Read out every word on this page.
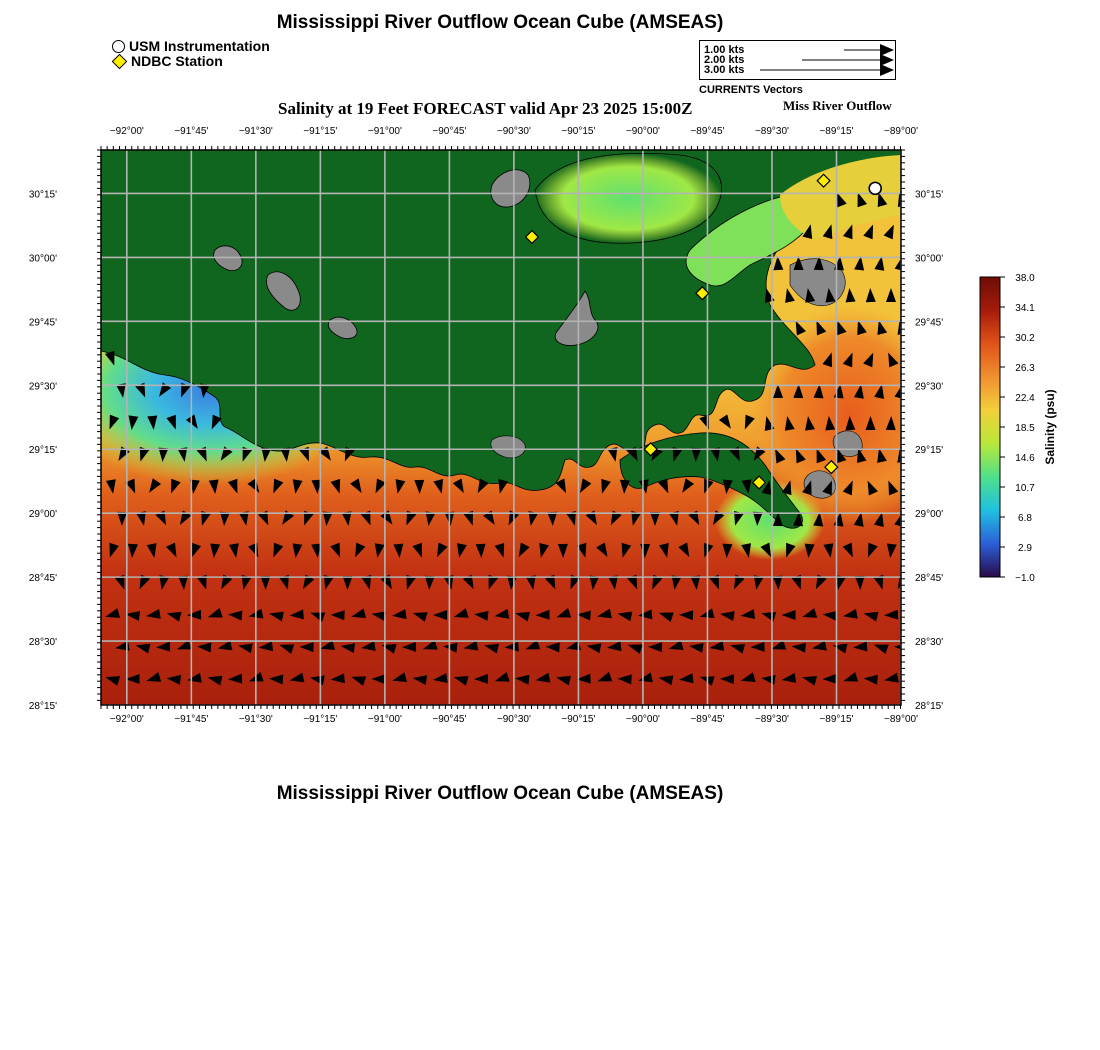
Mississippi River Outflow Ocean Cube (AMSEAS)
USM Instrumentation
NDBC Station
1.00 kts
2.00 kts
3.00 kts
CURRENTS Vectors
Salinity at 19 Feet FORECAST valid Apr 23 2025 15:00Z	Miss River Outflow
−92°00'	−91°45'	−91°30'	−91°15'	−91°00'	−90°45'	−90°30'	−90°15'	−90°00'	−89°45'	−89°30'	−89°15'	−89°00'
−92°00'	−91°45'	−91°30'	−91°15'	−91°00'	−90°45'	−90°30'	−90°15'	−90°00'	−89°45'	−89°30'	−89°15'	−89°00'
30°15'
30°00'
29°45'
29°30'
29°15'
29°00'
28°45'
28°30'
28°15'
30°15'
30°00'
29°45'
29°30'
29°15'
29°00'
28°45'
28°30'
28°15'
38.0
34.1
30.2
26.3
22.4
18.5
14.6
10.7
6.8
2.9
−1.0
Salinity (psu)
Mississippi River Outflow Ocean Cube (AMSEAS)
